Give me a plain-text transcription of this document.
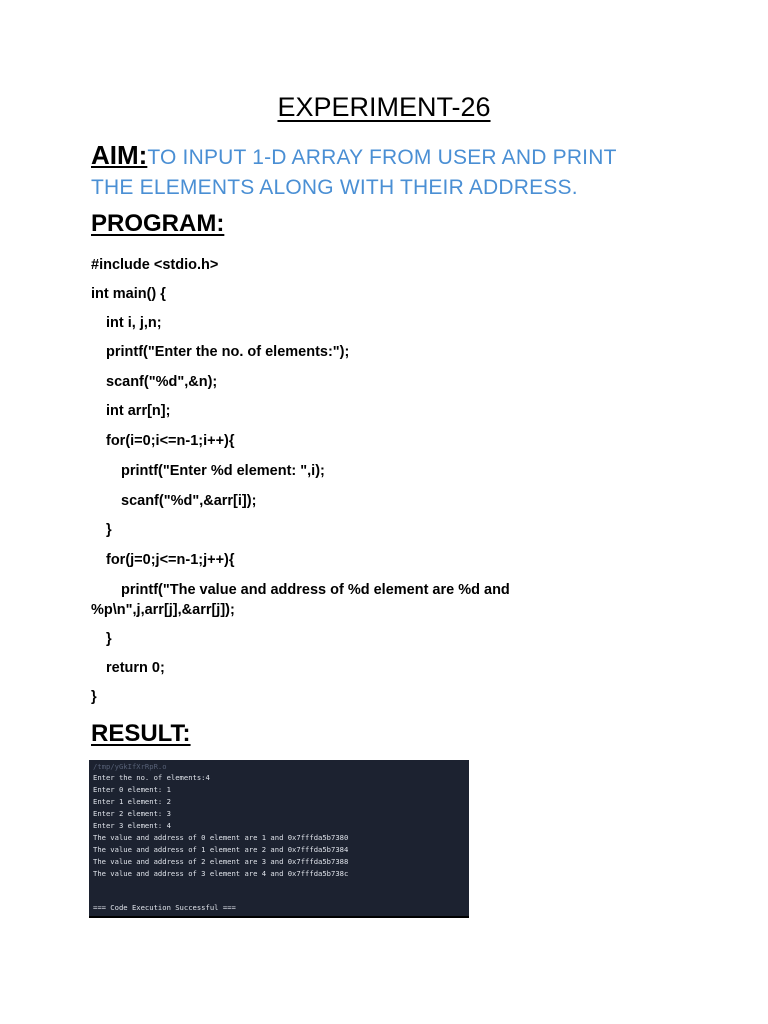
EXPERIMENT-26
AIM:TO INPUT 1-D ARRAY FROM USER AND PRINT
THE ELEMENTS ALONG WITH THEIR ADDRESS.
PROGRAM:
#include <stdio.h>
int main() {
int i, j,n;
printf("Enter the no. of elements:");
scanf("%d",&n);
int arr[n];
for(i=0;i<=n-1;i++){
printf("Enter %d element: ",i);
scanf("%d",&arr[i]);
}
for(j=0;j<=n-1;j++){
printf("The value and address of %d element are %d and
%p\n",j,arr[j],&arr[j]);
}
return 0;
}
RESULT:
/tmp/yGkIfXrRpR.o
Enter the no. of elements:4
Enter 0 element: 1
Enter 1 element: 2
Enter 2 element: 3
Enter 3 element: 4
The value and address of 0 element are 1 and 0x7fffda5b7380
The value and address of 1 element are 2 and 0x7fffda5b7384
The value and address of 2 element are 3 and 0x7fffda5b7388
The value and address of 3 element are 4 and 0x7fffda5b738c
=== Code Execution Successful ===
